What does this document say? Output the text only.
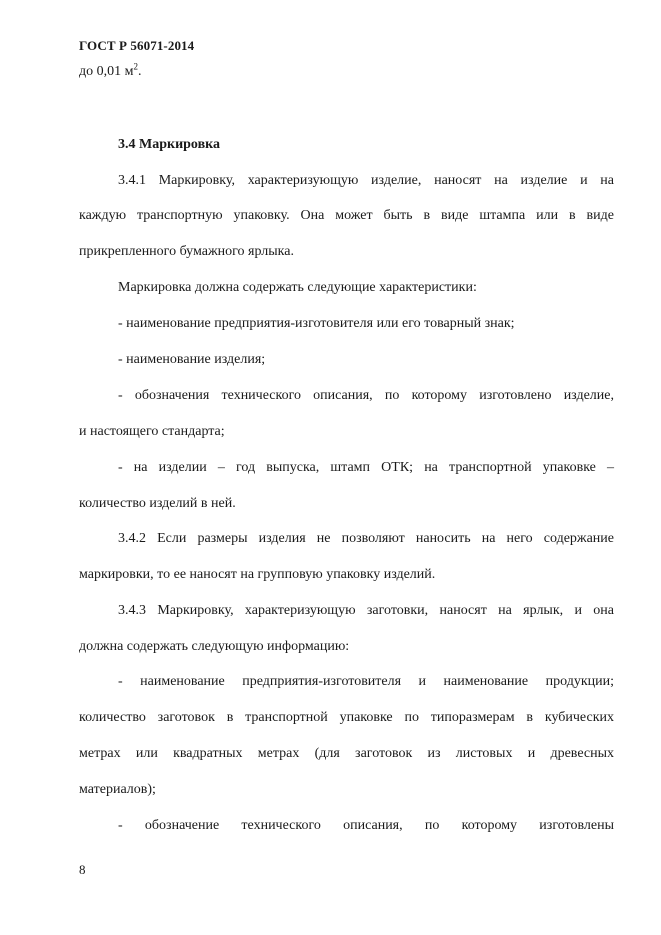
ГОСТ Р 56071-2014
до 0,01 $м^2$.
3.4 Маркировка
3.4.1 Маркировку, характеризующую изделие, наносят на изделие и на
каждую транспортную упаковку. Она может быть в виде штампа или в виде
прикрепленного бумажного ярлыка.
Маркировка должна содержать следующие характеристики:
- наименование предприятия-изготовителя или его товарный знак;
- наименование изделия;
- обозначения технического описания, по которому изготовлено изделие,
и настоящего стандарта;
- на изделии – год выпуска, штамп ОТК; на транспортной упаковке –
количество изделий в ней.
3.4.2 Если размеры изделия не позволяют наносить на него содержание
маркировки, то ее наносят на групповую упаковку изделий.
3.4.3 Маркировку, характеризующую заготовки, наносят на ярлык, и она
должна содержать следующую информацию:
- наименование предприятия-изготовителя и наименование продукции;
количество заготовок в транспортной упаковке по типоразмерам в кубических
метрах или квадратных метрах (для заготовок из листовых и древесных
материалов);
- обозначение технического описания, по которому изготовлены
8
